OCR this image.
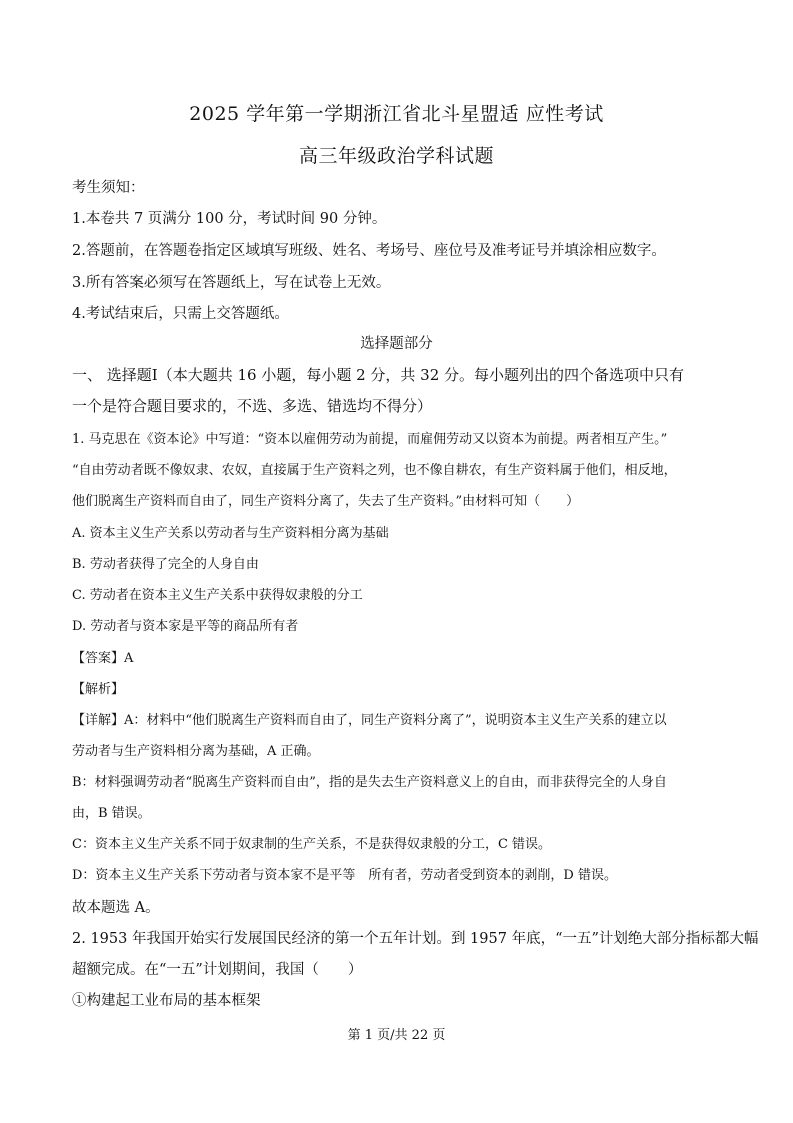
2025 学年第一学期浙江省北斗星盟适 应性考试
高三年级政治学科试题
考生须知：
1.本卷共 7 页满分 100 分，考试时间 90 分钟。
2.答题前，在答题卷指定区域填写班级、姓名、考场号、座位号及准考证号并填涂相应数字。
3.所有答案必须写在答题纸上，写在试卷上无效。
4.考试结束后，只需上交答题纸。
选择题部分
一、 选择题Ⅰ（本大题共 16 小题，每小题 2 分，共 32 分。每小题列出的四个备选项中只有
一个是符合题目要求的，不选、多选、错选均不得分）
1. 马克思在《资本论》中写道：“资本以雇佣劳动为前提，而雇佣劳动又以资本为前提。两者相互产生。”
“自由劳动者既不像奴隶、农奴，直接属于生产资料之列，也不像自耕农，有生产资料属于他们，相反地，
他们脱离生产资料而自由了，同生产资料分离了，失去了生产资料。”由材料可知（　　）
A. 资本主义生产关系以劳动者与生产资料相分离为基础
B. 劳动者获得了完全的人身自由
C. 劳动者在资本主义生产关系中获得奴隶般的分工
D. 劳动者与资本家是平等的商品所有者
【答案】A
【解析】
【详解】A：材料中“他们脱离生产资料而自由了，同生产资料分离了”，说明资本主义生产关系的建立以
劳动者与生产资料相分离为基础，A 正确。
B：材料强调劳动者“脱离生产资料而自由”，指的是失去生产资料意义上的自由，而非获得完全的人身自
由，B 错误。
C：资本主义生产关系不同于奴隶制的生产关系，不是获得奴隶般的分工，C 错误。
D：资本主义生产关系下劳动者与资本家不是平等　所有者，劳动者受到资本的剥削，D 错误。
故本题选 A。
2. 1953 年我国开始实行发展国民经济的第一个五年计划。到 1957 年底，“一五”计划绝大部分指标都大幅
超额完成。在“一五”计划期间，我国（　　）
①构建起工业布局的基本框架
第 1 页/共 22 页
